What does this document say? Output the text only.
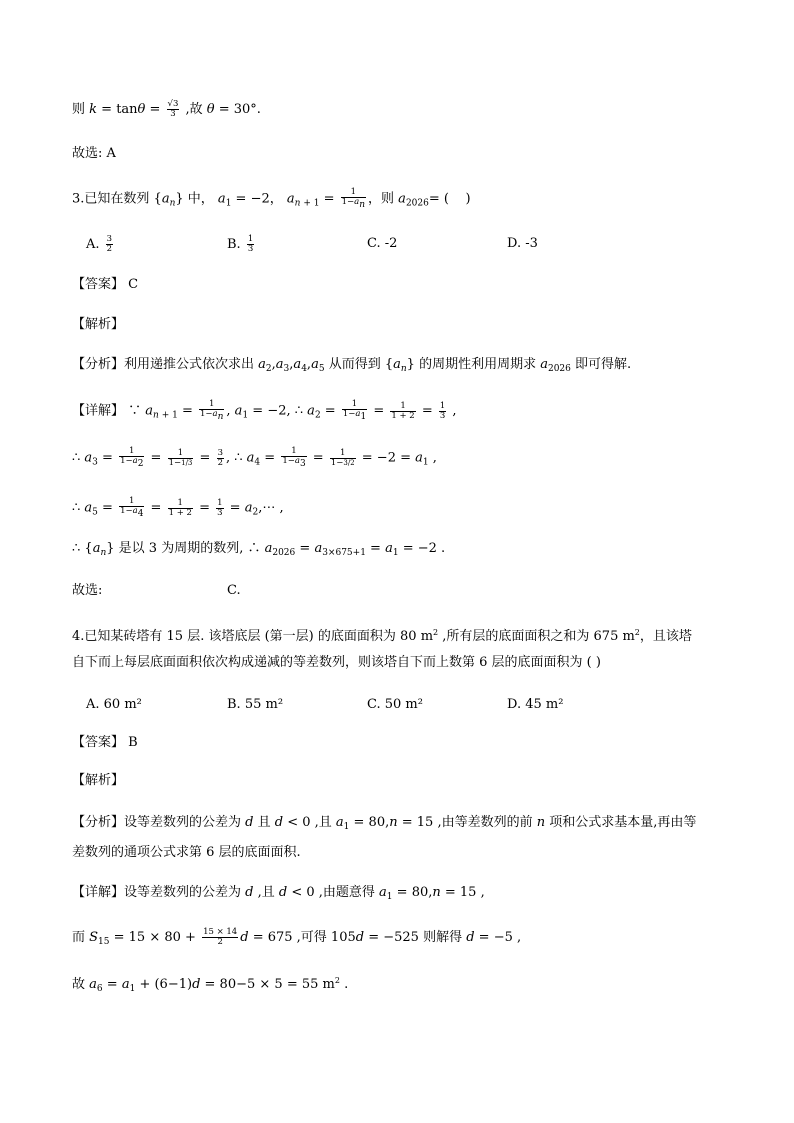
则 $k = \tan\theta = \frac{√3}{3}$ ,故 θ = 30°.
故选: A
3.已知在数列 $\{a_n\}$ 中， $a_1 = -2$， $a_{n + 1} = \frac{1}{1-an}$ ，则 $a_{2026}=$ (    )
A. $\frac{3}{2}$	B. $\frac{1}{3}$	C. -2	D. -3
【答案】 C
【解析】
【分析】利用递推公式依次求出 $a_2,a_3,a_4,a_5$ 从而得到 $\{a_n\}$ 的周期性利用周期求 $a_{2026}$ 即可得解.
【详解】 ∵ $a_{n + 1} = \frac{1}{1-an}$ , $a_1 = -2$, ∴ $a_2 = \frac{1}{1-a1} = \frac{1}{1 + 2} = \frac{1}{3}$ ,
∴ $a_3 = \frac{1}{1-a2} = \frac{1}{1-1/3} = \frac{3}{2}$ , ∴ $a_4 = \frac{1}{1-a3} = \frac{1}{1-3/2} = -2 = a_1$ ,
∴ $a_5 = \frac{1}{1-a4} = \frac{1}{1 + 2} = \frac{1}{3}$ = $a_2,\cdots$ ,
∴ $\{a_n\}$ 是以 3 为周期的数列, ∴ $a_{2026} = a_{3\times 675+1} = a_1 = -2$ .
故选:	C.
4.已知某砖塔有 15 层. 该塔底层 (第一层) 的底面面积为 80 $m^2$ ,所有层的底面面积之和为 675 $m^2$，且该塔
自下而上每层底面面积依次构成递减的等差数列，则该塔自下而上数第 6 层的底面面积为 ( )
A. 60 m²	B. 55 m²	C. 50 m²	D. 45 m²
【答案】 B
【解析】
【分析】设等差数列的公差为 d 且 d < 0 ,且 $a_1 = 80,n = 15$ ,由等差数列的前 n 项和公式求基本量,再由等
差数列的通项公式求第 6 层的底面面积.
【详解】设等差数列的公差为 d ,且 d < 0 ,由题意得 $a_1 = 80,n = 15$ ,
而 $S_{15} = 15 \times 80 + \frac{15 \times 14}{2}$ d = 675 ,可得 105d = −525 则解得 d = −5 ,
故 $a_6 = a_1 + (6-1)d = 80-5 \times 5 = 55$ $m^2$ .
